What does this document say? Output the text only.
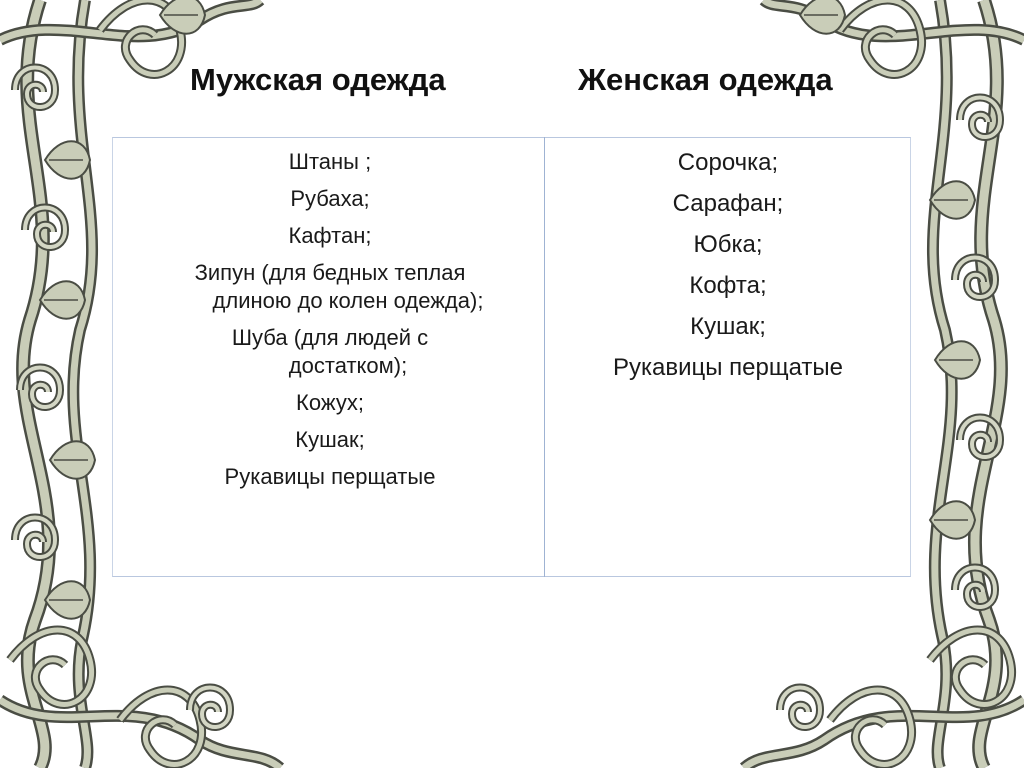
Мужская одежда	Женская одежда
Штаны ;
Рубаха;
Кафтан;
Зипун (для бедных теплая
длиною до колен одежда);
Шуба (для людей с
достатком);
Кожух;
Кушак;
Рукавицы перщатые
Сорочка;
Сарафан;
Юбка;
Кофта;
Кушак;
Рукавицы перщатые
